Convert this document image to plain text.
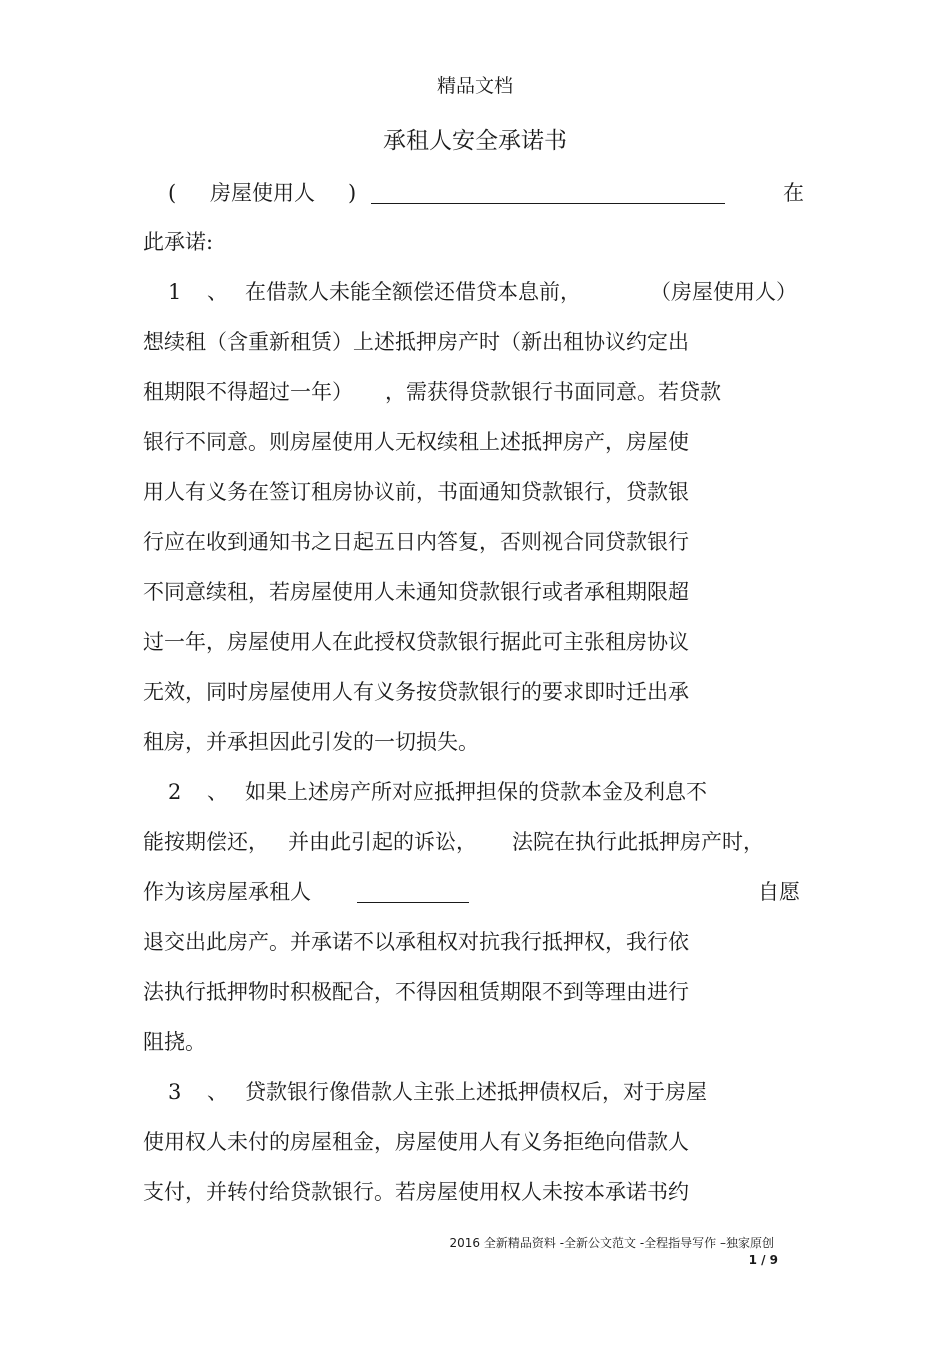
精品文档
承租人安全承诺书
( 房屋使用人 )	在
此承诺:
1 、 在借款人未能全额偿还借贷本息前，	（房屋使用人）
想续租（含重新租赁）上述抵押房产时（新出租协议约定出
租期限不得超过一年） ，需获得贷款银行书面同意。若贷款
银行不同意。则房屋使用人无权续租上述抵押房产，房屋使
用人有义务在签订租房协议前，书面通知贷款银行，贷款银
行应在收到通知书之日起五日内答复，否则视合同贷款银行
不同意续租，若房屋使用人未通知贷款银行或者承租期限超
过一年，房屋使用人在此授权贷款银行据此可主张租房协议
无效，同时房屋使用人有义务按贷款银行的要求即时迁出承
租房，并承担因此引发的一切损失。
2 、 如果上述房产所对应抵押担保的贷款本金及利息不
能按期偿还， 并由此引起的诉讼， 法院在执行此抵押房产时，
作为该房屋承租人	自愿
退交出此房产。并承诺不以承租权对抗我行抵押权，我行依
法执行抵押物时积极配合，不得因租赁期限不到等理由进行
阻挠。
3 、 贷款银行像借款人主张上述抵押债权后，对于房屋
使用权人未付的房屋租金，房屋使用人有义务拒绝向借款人
支付，并转付给贷款银行。若房屋使用权人未按本承诺书约
2016 全新精品资料 -全新公文范文 -全程指导写作 –独家原创
1 / 9
